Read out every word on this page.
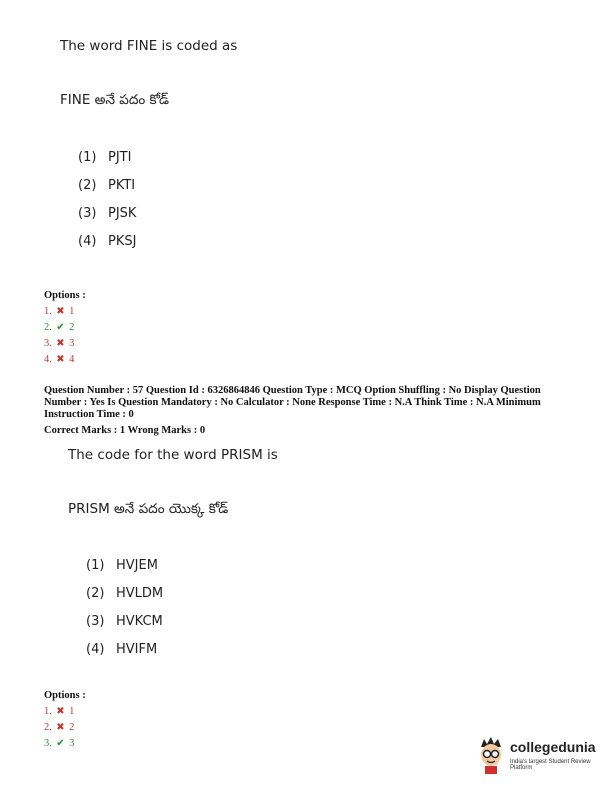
The word FINE is coded as
FINE అనే పదం కోడ్
(1) PJTI
(2) PKTI
(3) PJSK
(4) PKSJ
Options :
1. ✖ 1
2. ✔ 2
3. ✖ 3
4. ✖ 4
Question Number : 57 Question Id : 6326864846 Question Type : MCQ Option Shuffling : No Display Question Number : Yes Is Question Mandatory : No Calculator : None Response Time : N.A Think Time : N.A Minimum Instruction Time : 0
Correct Marks : 1 Wrong Marks : 0
The code for the word PRISM is
PRISM అనే పదం యొక్క కోడ్
(1) HVJEM
(2) HVLDM
(3) HVKCM
(4) HVIFM
Options :
1. ✖ 1
2. ✖ 2
3. ✔ 3	collegedunia
India's largest Student Review Platform
